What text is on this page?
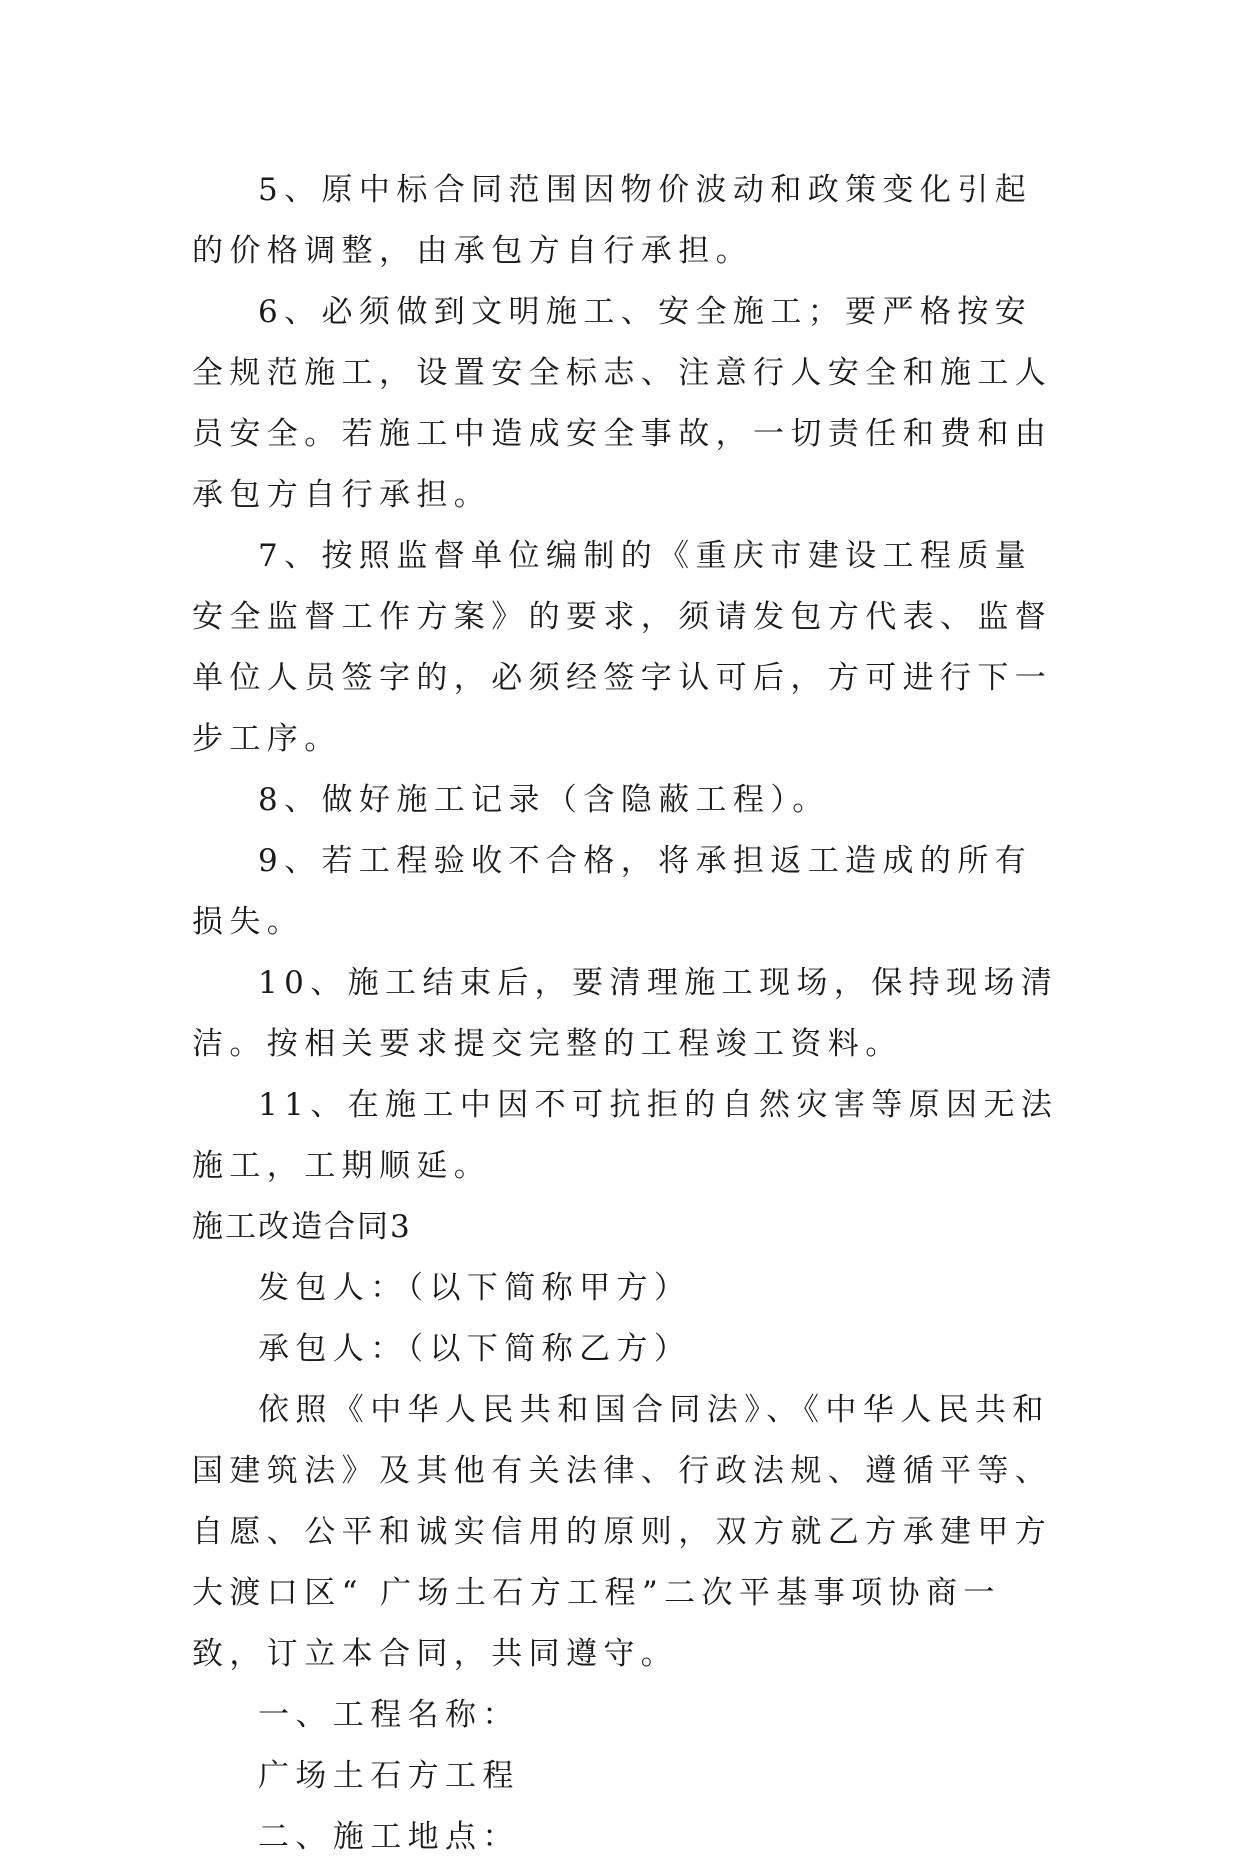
5、原中标合同范围因物价波动和政策变化引起的价格调整，由承包方自行承担。

6、必须做到文明施工、安全施工；要严格按安全规范施工，设置安全标志、注意行人安全和施工人员安全。若施工中造成安全事故，一切责任和费和由承包方自行承担。

7、按照监督单位编制的《重庆市建设工程质量安全监督工作方案》的要求，须请发包方代表、监督单位人员签字的，必须经签字认可后，方可进行下一步工序。

8、做好施工记录（含隐蔽工程）。

9、若工程验收不合格，将承担返工造成的所有损失。

10、施工结束后，要清理施工现场，保持现场清洁。按相关要求提交完整的工程竣工资料。

11、在施工中因不可抗拒的自然灾害等原因无法施工，工期顺延。

施工改造合同3

发包人：（以下简称甲方）

承包人：（以下简称乙方）

依照《中华人民共和国合同法》、《中华人民共和国建筑法》及其他有关法律、行政法规、遵循平等、自愿、公平和诚实信用的原则，双方就乙方承建甲方大渡口区“ 广场土石方工程”二次平基事项协商一致，订立本合同，共同遵守。

一、工程名称：

广场土石方工程

二、施工地点：
